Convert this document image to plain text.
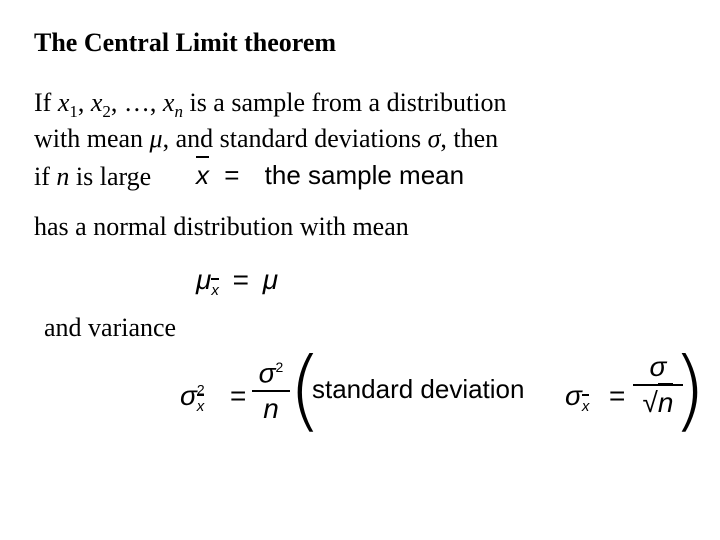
The Central Limit theorem
If $x_1$, $x_2$, …, $x_n$ is a sample from a distribution
with mean μ, and standard deviations σ, then
if n is large x = the sample mean
has a normal distribution with mean
$\mu_x = \mu$
and variance
$\sigma^2_x$ =
$\sigma^2$
n (
standard deviation $\sigma_x$ =
σ
√n
)
